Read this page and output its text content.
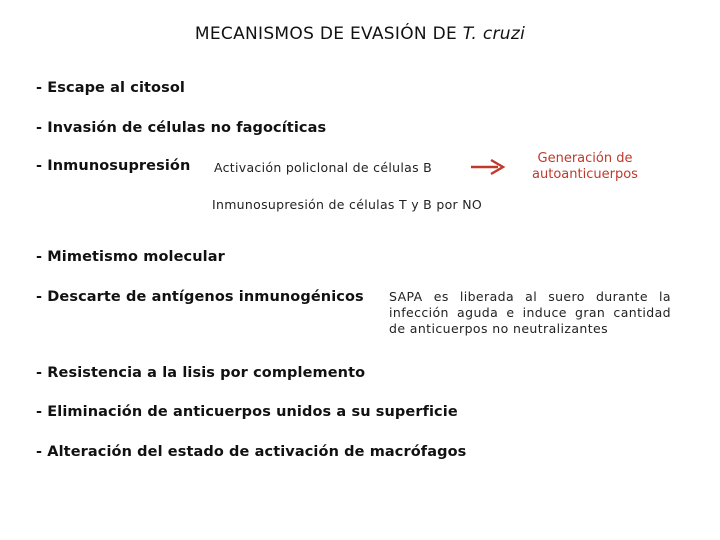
MECANISMOS DE EVASIÓN DE T. cruzi
- Escape al citosol
- Invasión de células no fagocíticas
- Inmunosupresión Activación policlonal de células B
Generación de
autoanticuerpos
Inmunosupresión de células T y B por NO
- Mimetismo molecular
- Descarte de antígenos inmunogénicos SAPA es liberada al suero durante la infección aguda e induce gran cantidad de anticuerpos no neutralizantes
- Resistencia a la lisis por complemento
- Eliminación de anticuerpos unidos a su superficie
- Alteración del estado de activación de macrófagos
